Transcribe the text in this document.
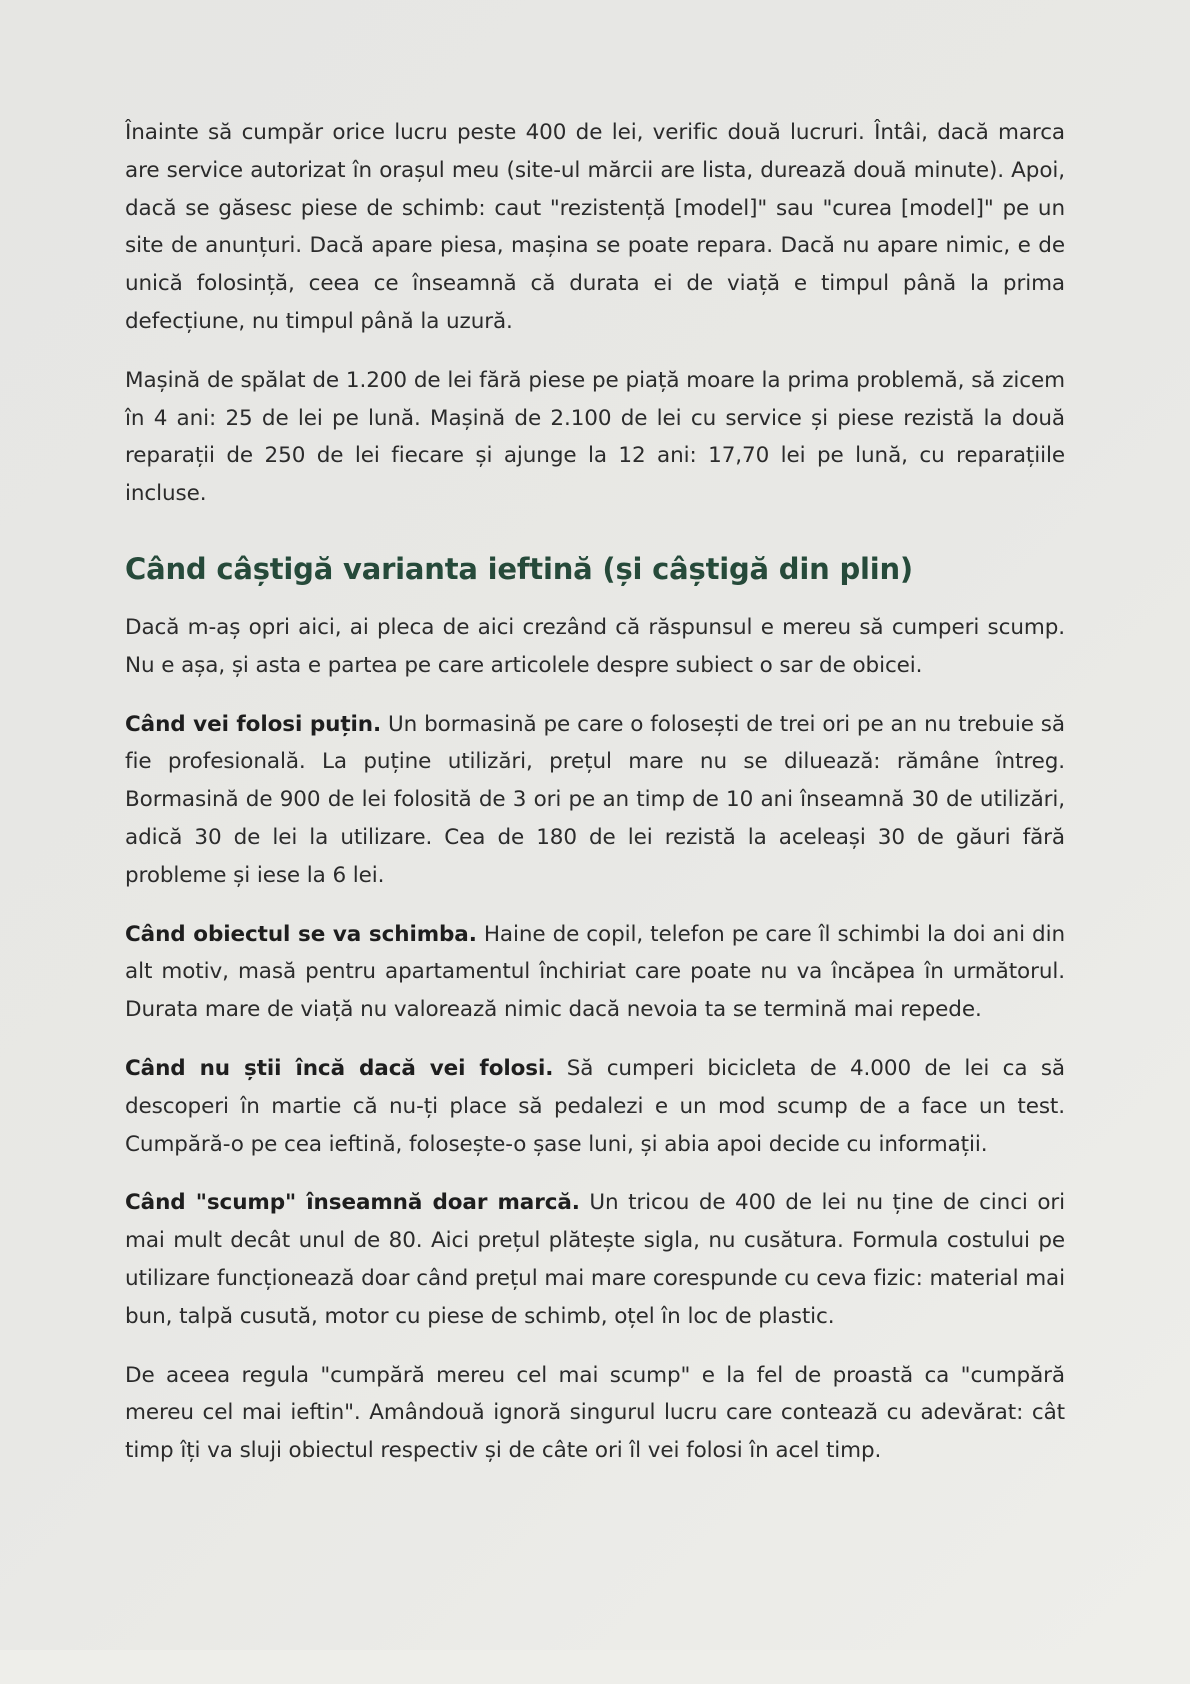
Înainte să cumpăr orice lucru peste 400 de lei, verific două lucruri. Întâi, dacă marca are service autorizat în orașul meu (site-ul mărcii are lista, durează două minute). Apoi, dacă se găsesc piese de schimb: caut "rezistență [model]" sau "curea [model]" pe un site de anunțuri. Dacă apare piesa, mașina se poate repara. Dacă nu apare nimic, e de unică folosință, ceea ce înseamnă că durata ei de viață e timpul până la prima defecțiune, nu timpul până la uzură.

Mașină de spălat de 1.200 de lei fără piese pe piață moare la prima problemă, să zicem în 4 ani: 25 de lei pe lună. Mașină de 2.100 de lei cu service și piese rezistă la două reparații de 250 de lei fiecare și ajunge la 12 ani: 17,70 lei pe lună, cu reparațiile incluse.

Când câștigă varianta ieftină (și câștigă din plin)

Dacă m-aș opri aici, ai pleca de aici crezând că răspunsul e mereu să cumperi scump. Nu e așa, și asta e partea pe care articolele despre subiect o sar de obicei.

Când vei folosi puțin. Un bormasină pe care o folosești de trei ori pe an nu trebuie să fie profesională. La puține utilizări, prețul mare nu se diluează: rămâne întreg. Bormasină de 900 de lei folosită de 3 ori pe an timp de 10 ani înseamnă 30 de utilizări, adică 30 de lei la utilizare. Cea de 180 de lei rezistă la aceleași 30 de găuri fără probleme și iese la 6 lei.

Când obiectul se va schimba. Haine de copil, telefon pe care îl schimbi la doi ani din alt motiv, masă pentru apartamentul închiriat care poate nu va încăpea în următorul. Durata mare de viață nu valorează nimic dacă nevoia ta se termină mai repede.

Când nu știi încă dacă vei folosi. Să cumperi bicicleta de 4.000 de lei ca să descoperi în martie că nu-ți place să pedalezi e un mod scump de a face un test. Cumpără-o pe cea ieftină, folosește-o șase luni, și abia apoi decide cu informații.

Când "scump" înseamnă doar marcă. Un tricou de 400 de lei nu ține de cinci ori mai mult decât unul de 80. Aici prețul plătește sigla, nu cusătura. Formula costului pe utilizare funcționează doar când prețul mai mare corespunde cu ceva fizic: material mai bun, talpă cusută, motor cu piese de schimb, oțel în loc de plastic.

De aceea regula "cumpără mereu cel mai scump" e la fel de proastă ca "cumpără mereu cel mai ieftin". Amândouă ignoră singurul lucru care contează cu adevărat: cât timp îți va sluji obiectul respectiv și de câte ori îl vei folosi în acel timp.
